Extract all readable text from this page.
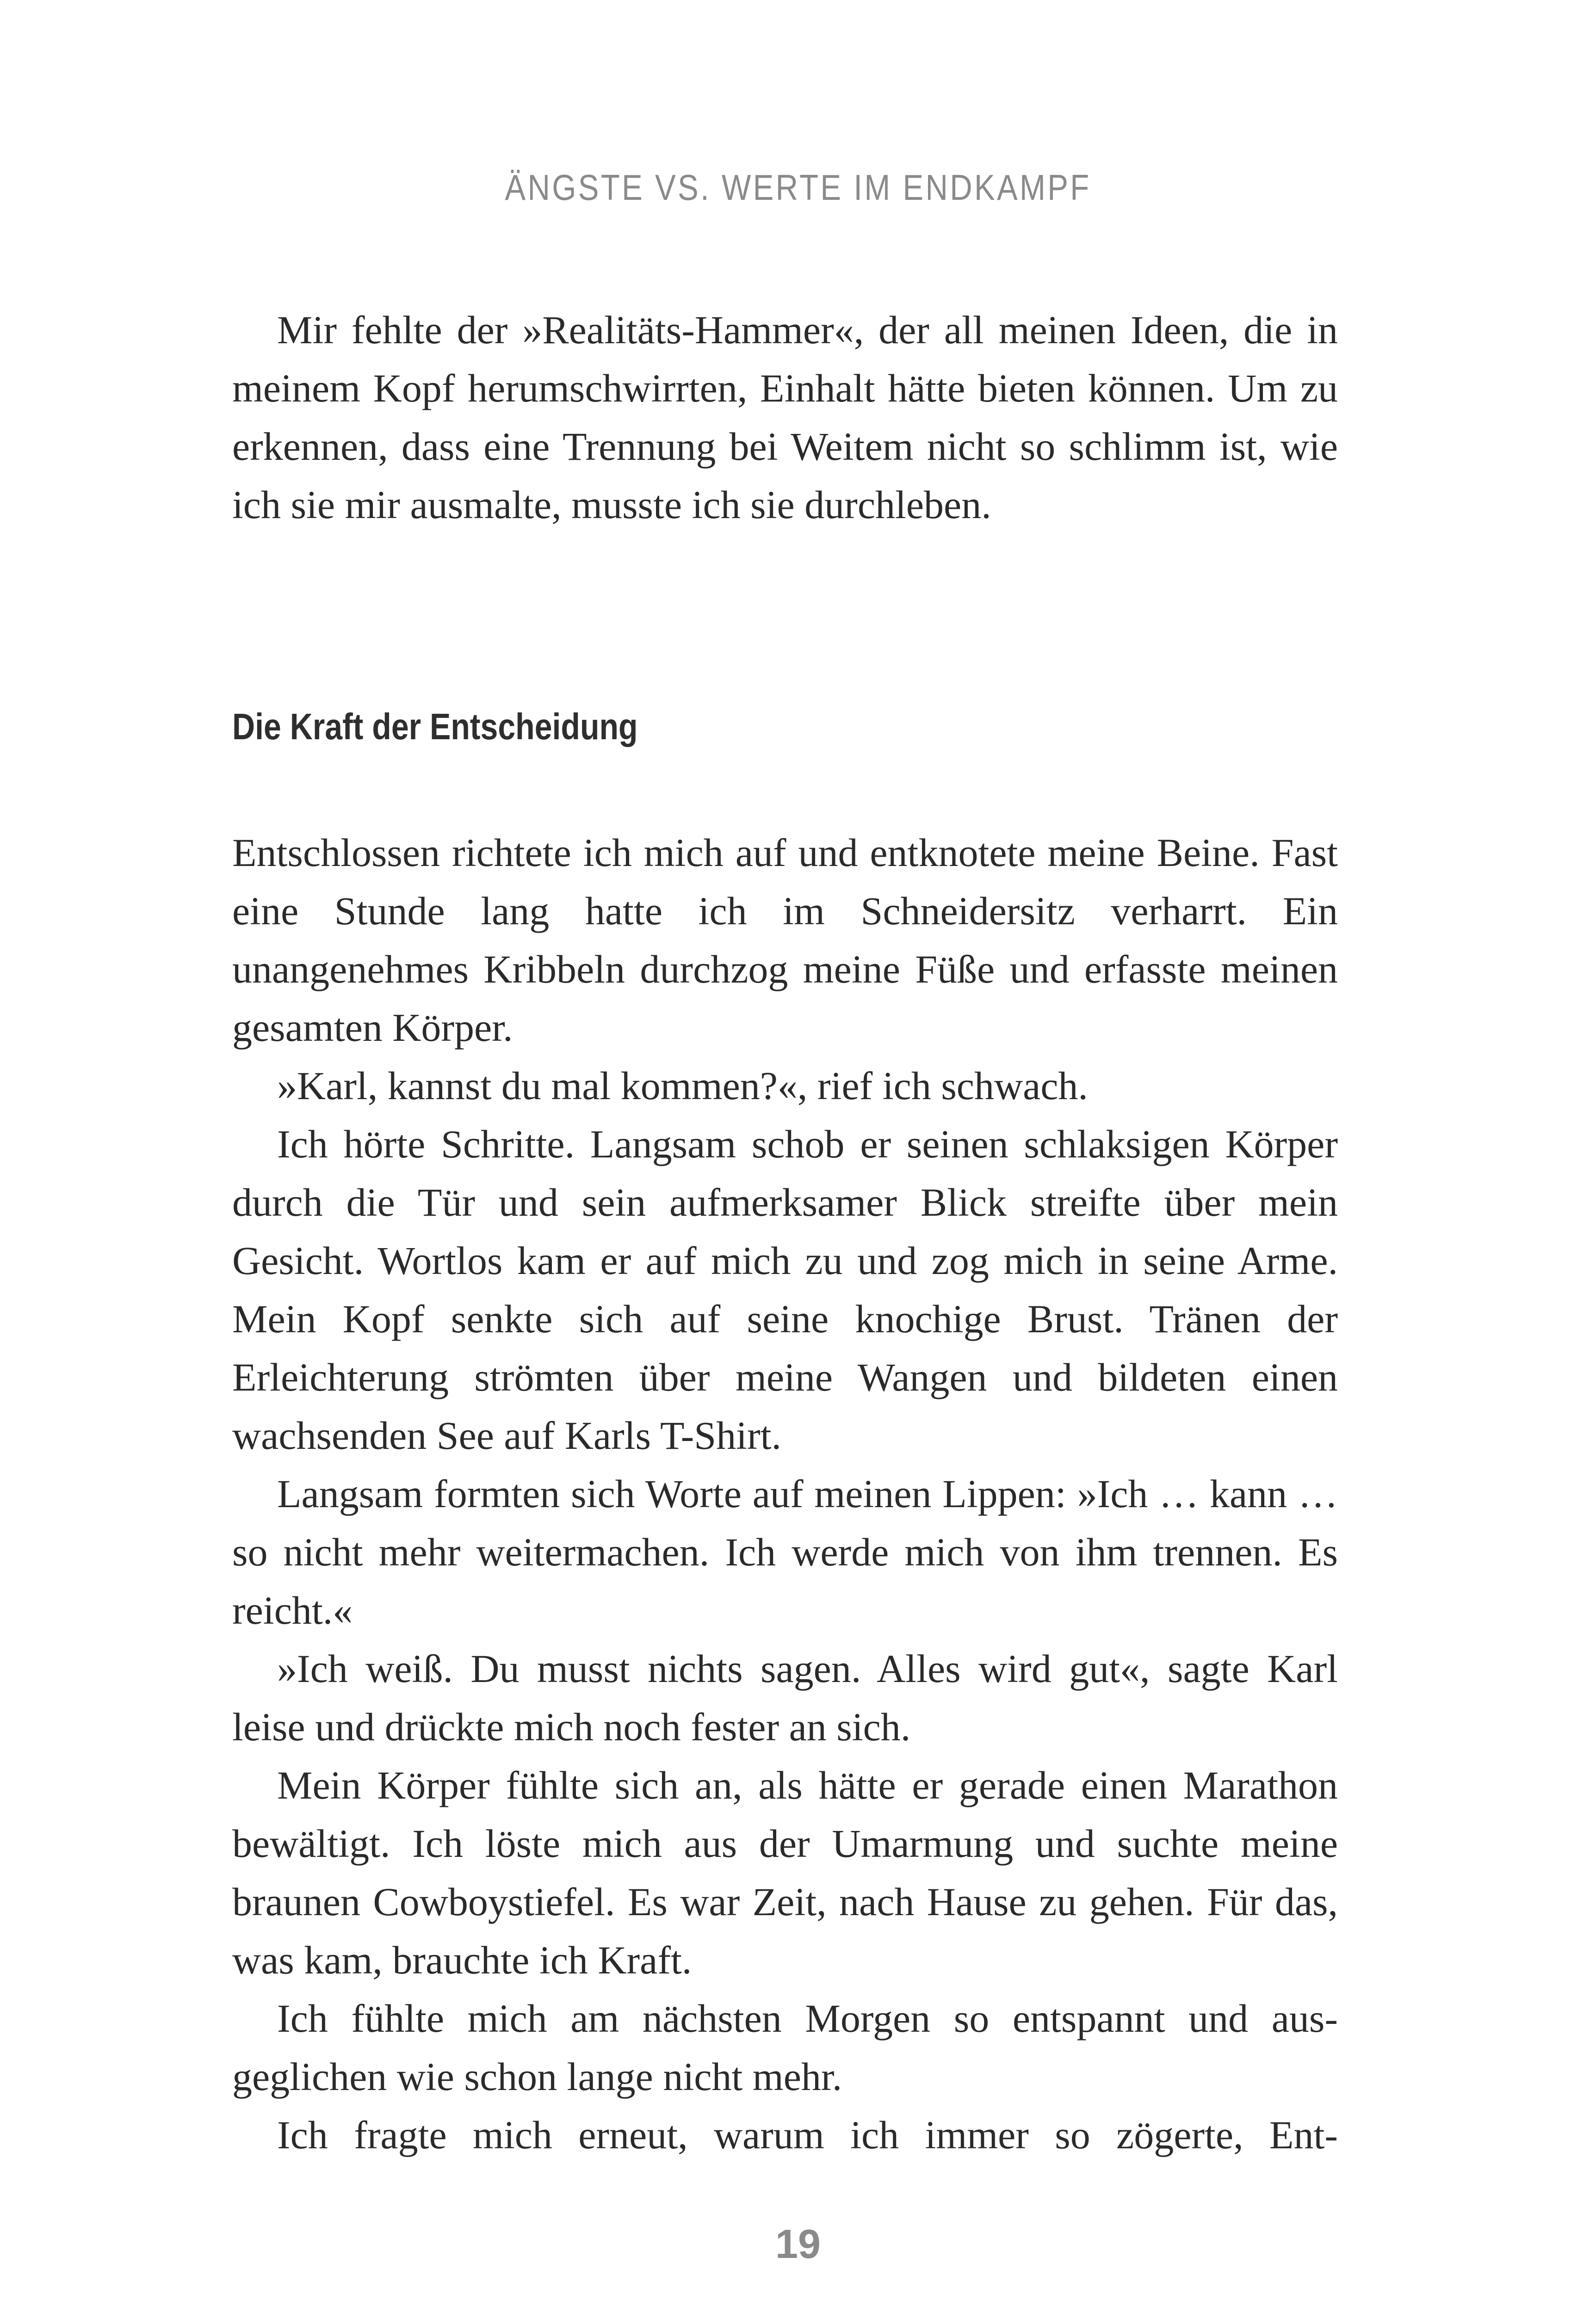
ÄNGSTE VS. WERTE IM ENDKAMPF

Mir fehlte der »Realitäts-Hammer«, der all meinen Ideen, die in meinem Kopf herumschwirrten, Einhalt hätte bieten können. Um zu erkennen, dass eine Trennung bei Weitem nicht so schlimm ist, wie ich sie mir ausmalte, musste ich sie durchleben.

Die Kraft der Entscheidung

Entschlossen richtete ich mich auf und entknotete meine Beine. Fast eine Stunde lang hatte ich im Schneidersitz verharrt. Ein unangenehmes Kribbeln durchzog meine Füße und erfasste meinen gesamten Körper.

»Karl, kannst du mal kommen?«, rief ich schwach.

Ich hörte Schritte. Langsam schob er seinen schlaksigen Körper durch die Tür und sein aufmerksamer Blick streifte über mein Gesicht. Wortlos kam er auf mich zu und zog mich in seine Arme. Mein Kopf senkte sich auf seine knochige Brust. Tränen der Erleichterung strömten über meine Wangen und bildeten einen wachsenden See auf Karls T-Shirt.

Langsam formten sich Worte auf meinen Lippen: »Ich … kann … so nicht mehr weitermachen. Ich werde mich von ihm trennen. Es reicht.«

»Ich weiß. Du musst nichts sagen. Alles wird gut«, sagte Karl leise und drückte mich noch fester an sich.

Mein Körper fühlte sich an, als hätte er gerade einen Marathon bewältigt. Ich löste mich aus der Umarmung und suchte meine braunen Cowboystiefel. Es war Zeit, nach Hause zu gehen. Für das, was kam, brauchte ich Kraft.

Ich fühlte mich am nächsten Morgen so entspannt und ausgeglichen wie schon lange nicht mehr.

Ich fragte mich erneut, warum ich immer so zögerte, Ent-

19
